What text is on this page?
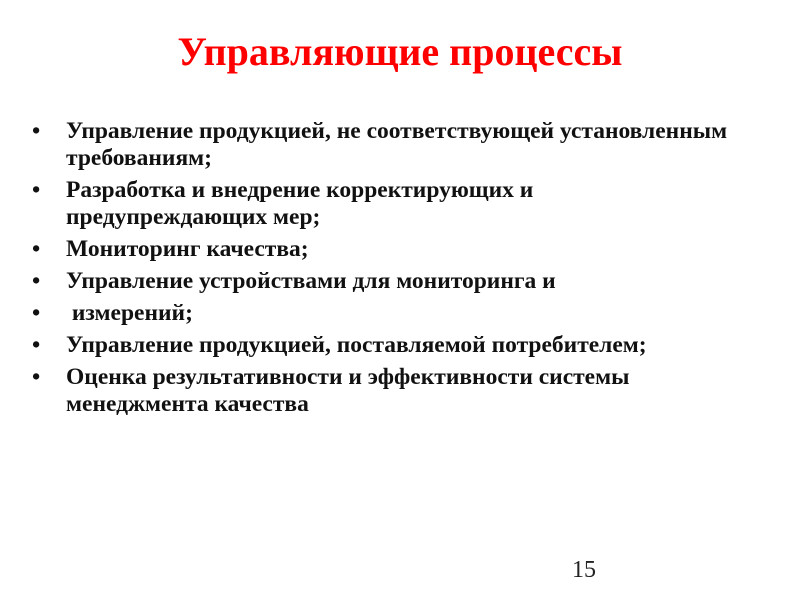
Управляющие процессы
• Управление продукцией, не соответствующей установленным требованиям;
• Разработка и внедрение корректирующих и предупреждающих мер;
• Мониторинг качества;
• Управление устройствами для мониторинга и
• измерений;
• Управление продукцией, поставляемой потребителем;
• Оценка результативности и эффективности системы менеджмента качества
15
